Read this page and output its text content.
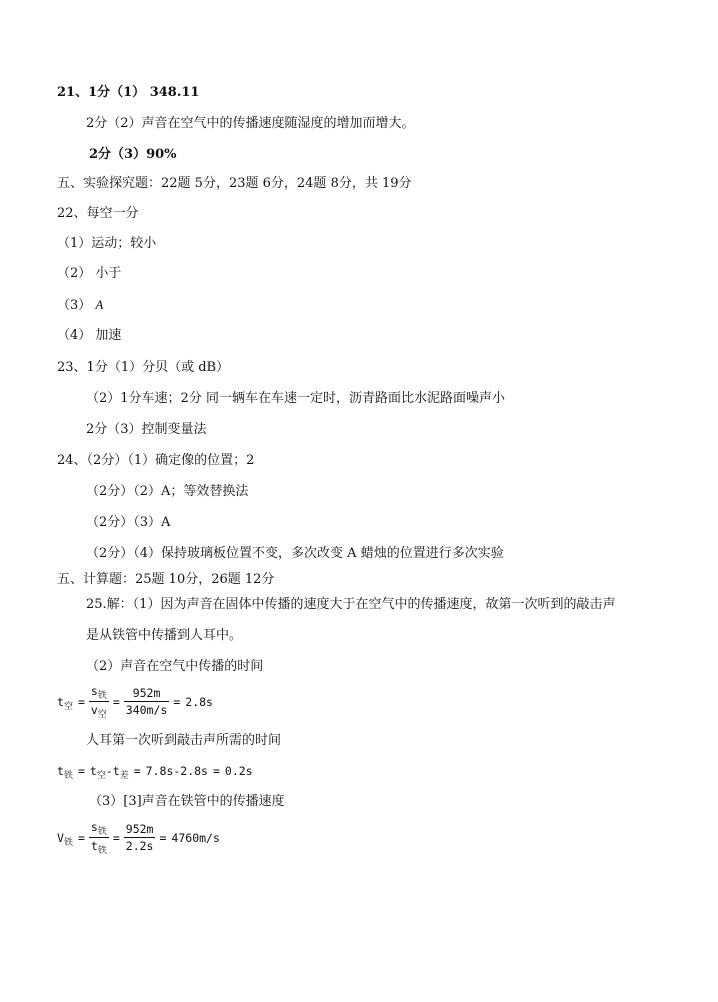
21、1分（1） 348.11
2分（2）声音在空气中的传播速度随湿度的增加而增大。
2分（3）90%
五、实验探究题：22题 5分，23题 6分，24题 8分，共 19分
22、每空一分
（1）运动；较小
（2） 小于
（3） A
（4） 加速
23、1分（1）分贝（或 dB）
（2）1分车速；2分 同一辆车在车速一定时，沥青路面比水泥路面噪声小
2分（3）控制变量法
24、（2分）（1）确定像的位置；2
（2分）（2）A；等效替换法
（2分）（3）A
（2分）（4）保持玻璃板位置不变，多次改变 A 蜡烛的位置进行多次实验
五、计算题：25题 10分，26题 12分
25.解：（1）因为声音在固体中传播的速度大于在空气中的传播速度，故第一次听到的敲击声
是从铁管中传播到人耳中。
（2）声音在空气中传播的时间
$t_空 = \frac{s_铁}{v_空} = \frac{952m}{340m/s} = 2.8s$
人耳第一次听到敲击声所需的时间
$t_铁 = t_空 - t_差 = 7.8s-2.8s = 0.2s$
（3）[3]声音在铁管中的传播速度
$V_铁 = \frac{s_铁}{t_铁} = \frac{952m}{2.2s} = 4760m/s$
